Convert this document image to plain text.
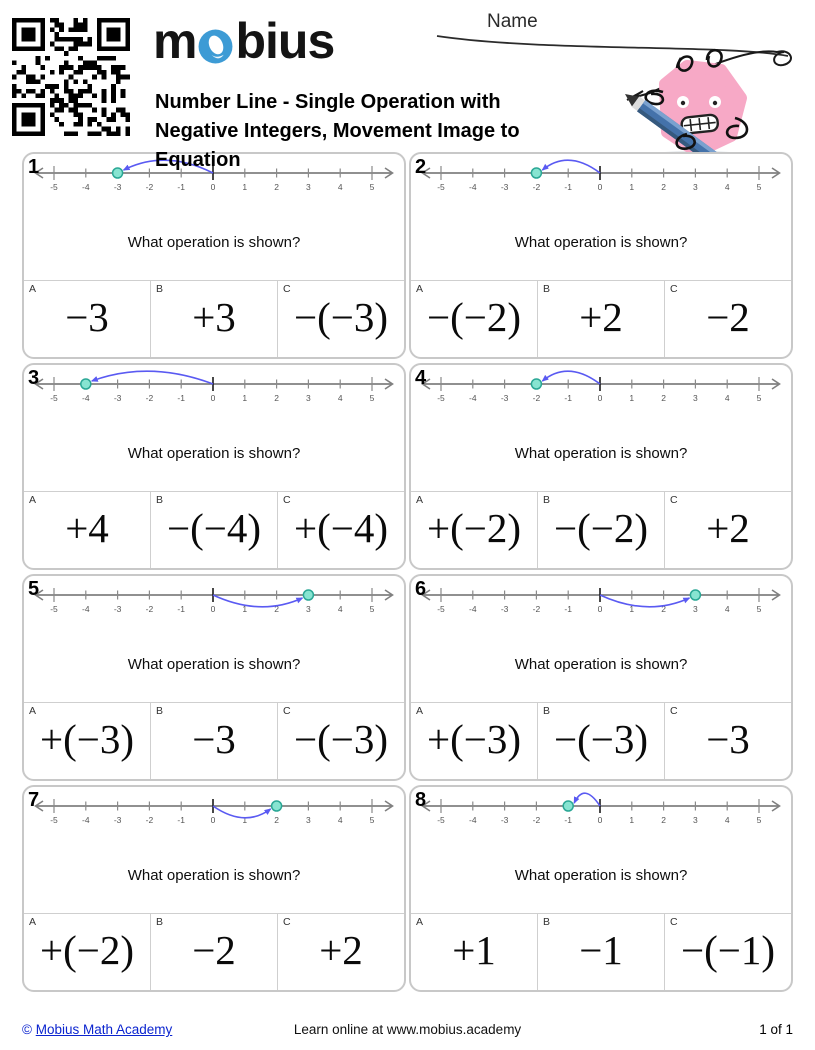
m bius
Number Line - Single Operation with Negative Integers, Movement Image to Equation
Name
1
-5	-4	-3	-2	-1	0	1	2	3	4	5
What operation is shown?
A
−3
B
+3
C
−(−3)
2
-5	-4	-3	-2	-1	0	1	2	3	4	5
What operation is shown?
A
−(−2)
B
+2
C
−2
3
-5	-4	-3	-2	-1	0	1	2	3	4	5
What operation is shown?
A
+4
B
−(−4)
C
+(−4)
4
-5	-4	-3	-2	-1	0	1	2	3	4	5
What operation is shown?
A
+(−2)
B
−(−2)
C
+2
5
-5	-4	-3	-2	-1	0	1	2	3	4	5
What operation is shown?
A
+(−3)
B
−3
C
−(−3)
6
-5	-4	-3	-2	-1	0	1	2	3	4	5
What operation is shown?
A
+(−3)
B
−(−3)
C
−3
7
-5	-4	-3	-2	-1	0	1	2	3	4	5
What operation is shown?
A
+(−2)
B
−2
C
+2
8
-5	-4	-3	-2	-1	0	1	2	3	4	5
What operation is shown?
A
+1
B
−1
C
−(−1)
© Mobius Math Academy	Learn online at www.mobius.academy	1 of 1
